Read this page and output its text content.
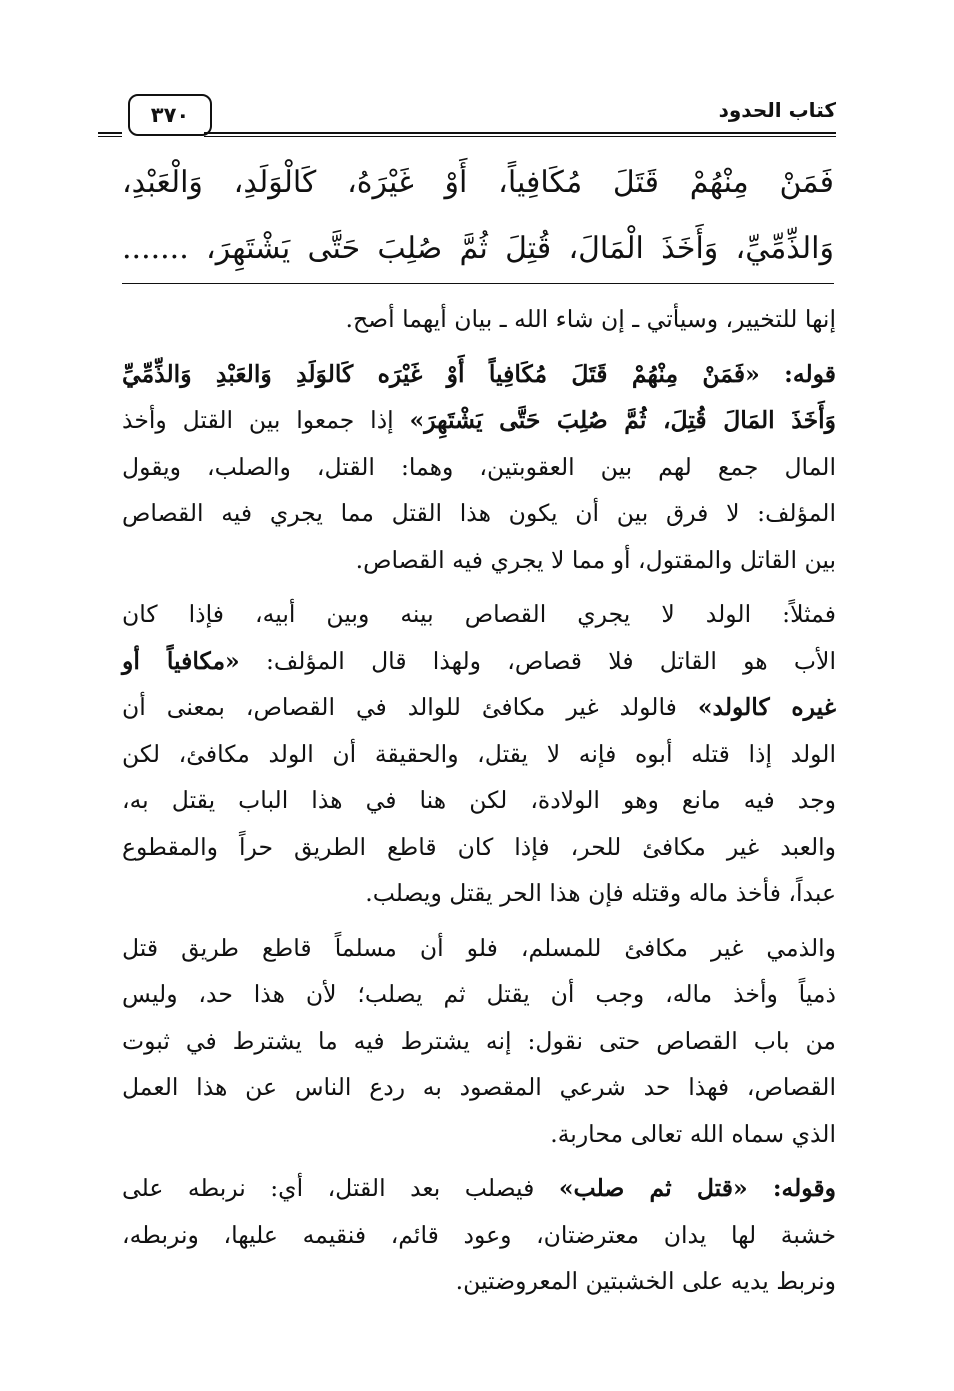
٣٧٠	كتاب الحدود
فَمَنْ مِنْهُمْ قَتَلَ مُكَافِياً، أَوْ غَيْرَهُ، كَالْوَلَدِ، وَالْعَبْدِ،
وَالذِّمِّيِّ، وَأَخَذَ الْمَالَ، قُتِلَ ثُمَّ صُلِبَ حَتَّى يَشْتَهِرَ، .......
إنها للتخيير، وسيأتي ـ إن شاء الله ـ بيان أيهما أصح.
قوله: «فَمَنْ مِنْهُمْ قَتَلَ مُكَافِياً أَوْ غَيْرَه كَالوَلَدِ وَالعَبْدِ وَالذِّمِّيِّ
وَأَخَذَ المَالَ قُتِلَ، ثُمَّ صُلِبَ حَتَّى يَشْتَهِرَ» إذا جمعوا بين القتل وأخذ
المال جمع لهم بين العقوبتين، وهما: القتل، والصلب، ويقول
المؤلف: لا فرق بين أن يكون هذا القتل مما يجري فيه القصاص
بين القاتل والمقتول، أو مما لا يجري فيه القصاص.
فمثلاً: الولد لا يجري القصاص بينه وبين أبيه، فإذا كان
الأب هو القاتل فلا قصاص، ولهذا قال المؤلف: «مكافياً أو
غيره كالولد» فالولد غير مكافئ للوالد في القصاص، بمعنى أن
الولد إذا قتله أبوه فإنه لا يقتل، والحقيقة أن الولد مكافئ، لكن
وجد فيه مانع وهو الولادة، لكن هنا في هذا الباب يقتل به،
والعبد غير مكافئ للحر، فإذا كان قاطع الطريق حراً والمقطوع
عبداً، فأخذ ماله وقتله فإن هذا الحر يقتل ويصلب.
والذمي غير مكافئ للمسلم، فلو أن مسلماً قاطع طريق قتل
ذمياً وأخذ ماله، وجب أن يقتل ثم يصلب؛ لأن هذا حد، وليس
من باب القصاص حتى نقول: إنه يشترط فيه ما يشترط في ثبوت
القصاص، فهذا حد شرعي المقصود به ردع الناس عن هذا العمل
الذي سماه الله تعالى محاربة.
وقوله: «قتل ثم صلب» فيصلب بعد القتل، أي: نربطه على
خشبة لها يدان معترضتان، وعود قائم، فنقيمه عليها، ونربطه،
ونربط يديه على الخشبتين المعروضتين.
